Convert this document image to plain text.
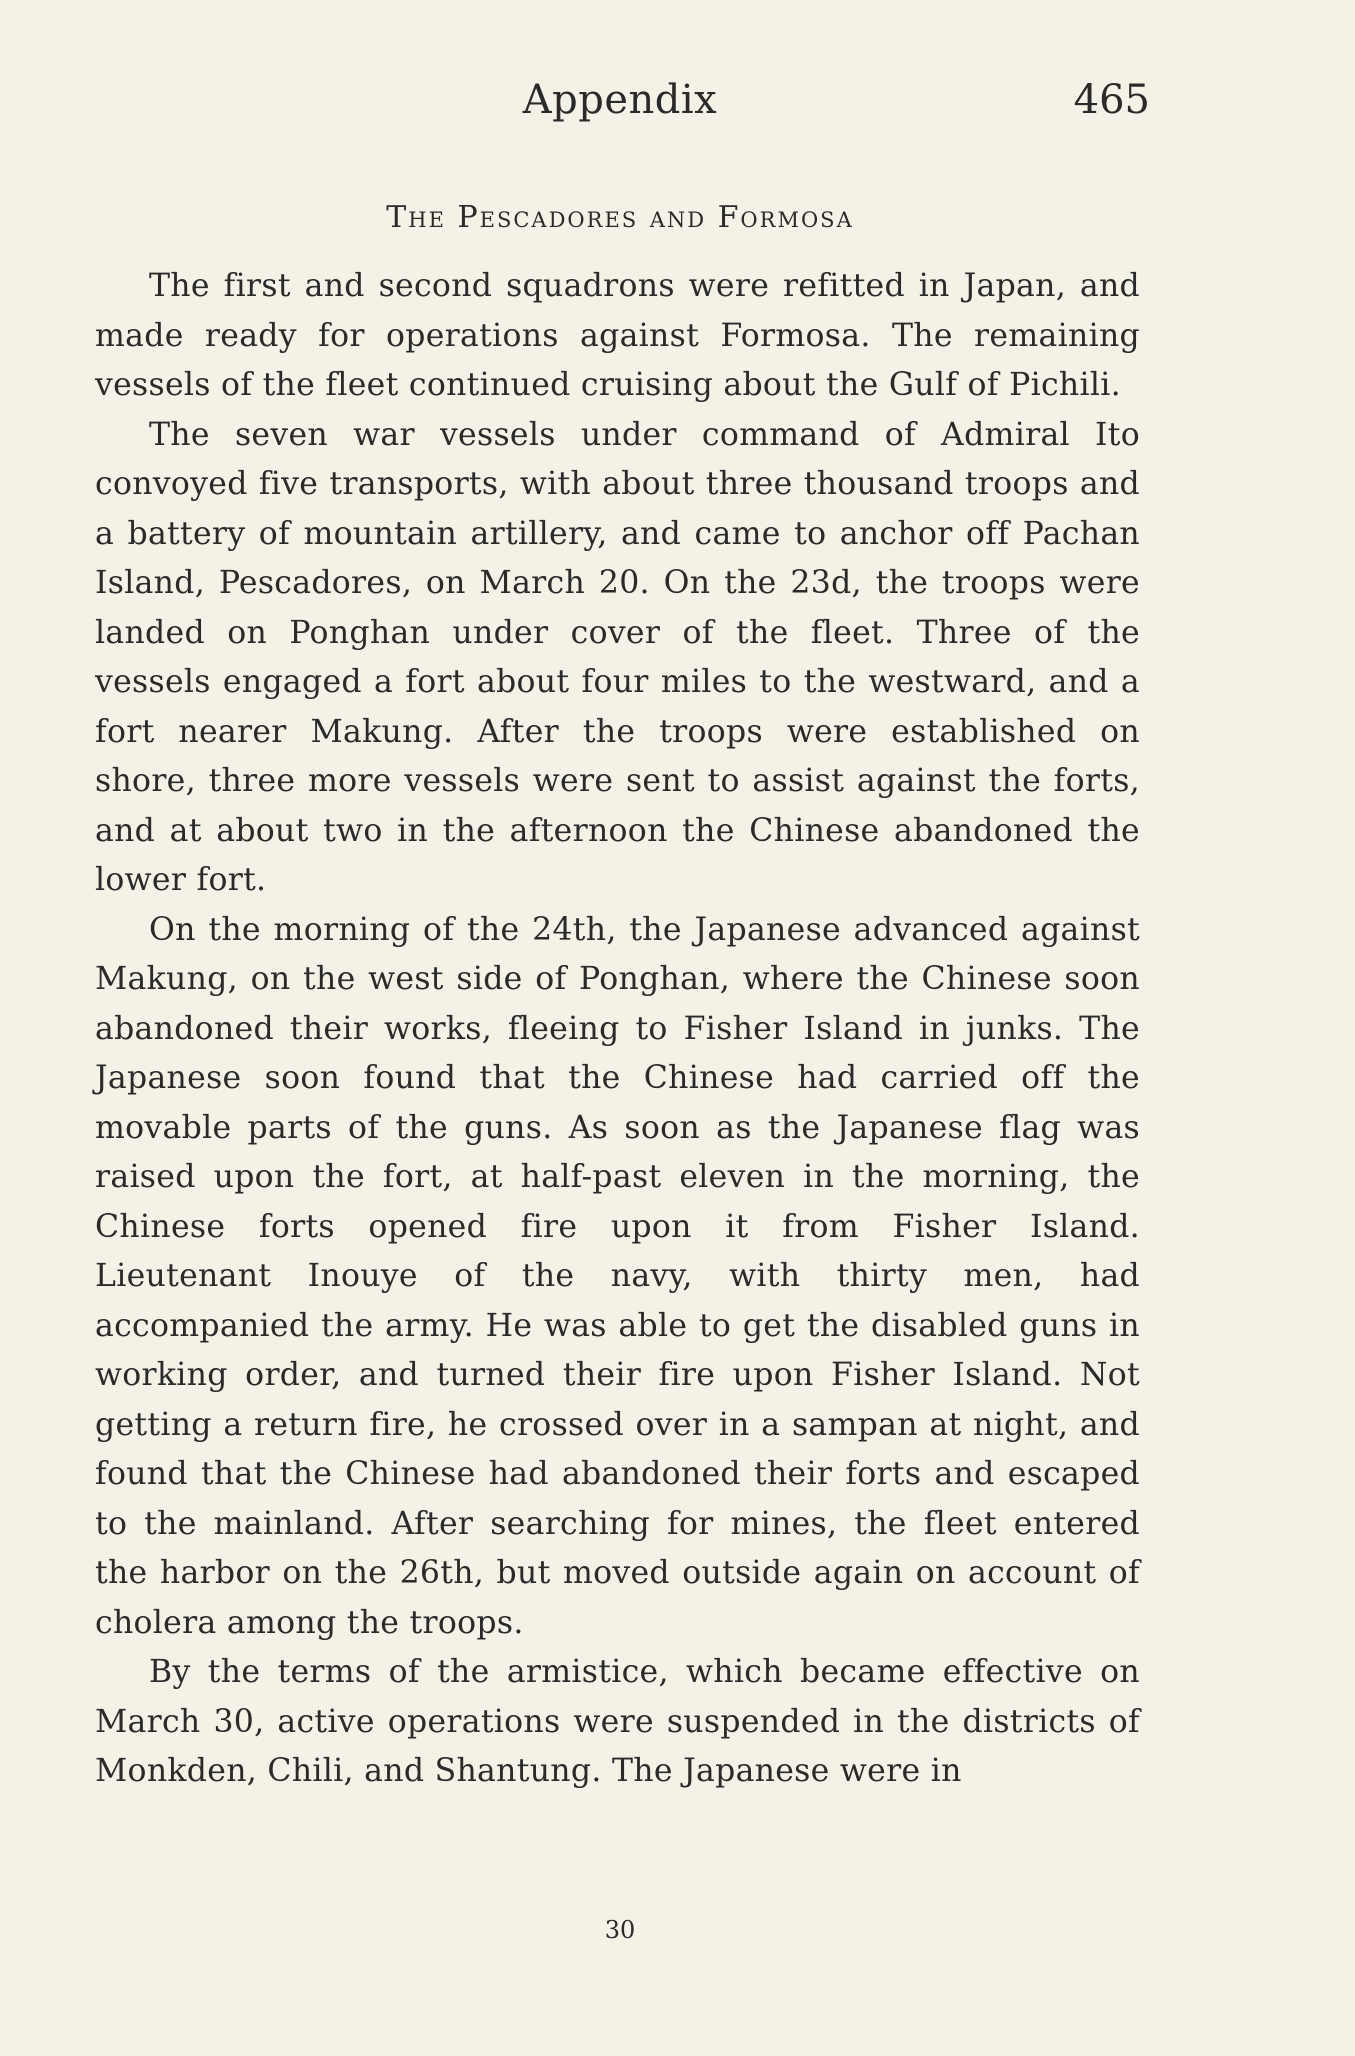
Appendix	465
The Pescadores and Formosa

The first and second squadrons were refitted in Japan, and made ready for operations against Formosa. The remaining vessels of the fleet continued cruising about the Gulf of Pichili.

The seven war vessels under command of Admiral Ito convoyed five transports, with about three thousand troops and a battery of mountain artillery, and came to anchor off Pachan Island, Pescadores, on March 20. On the 23d, the troops were landed on Ponghan under cover of the fleet. Three of the vessels engaged a fort about four miles to the westward, and a fort nearer Makung. After the troops were established on shore, three more vessels were sent to assist against the forts, and at about two in the afternoon the Chinese abandoned the lower fort.

On the morning of the 24th, the Japanese advanced against Makung, on the west side of Ponghan, where the Chinese soon abandoned their works, fleeing to Fisher Island in junks. The Japanese soon found that the Chinese had carried off the movable parts of the guns. As soon as the Japanese flag was raised upon the fort, at half-past eleven in the morning, the Chinese forts opened fire upon it from Fisher Island. Lieutenant Inouye of the navy, with thirty men, had accompanied the army. He was able to get the disabled guns in working order, and turned their fire upon Fisher Island. Not getting a return fire, he crossed over in a sampan at night, and found that the Chinese had abandoned their forts and escaped to the mainland. After searching for mines, the fleet entered the harbor on the 26th, but moved outside again on account of cholera among the troops.

By the terms of the armistice, which became effective on March 30, active operations were suspended in the districts of Monkden, Chili, and Shantung. The Japanese were in

30
